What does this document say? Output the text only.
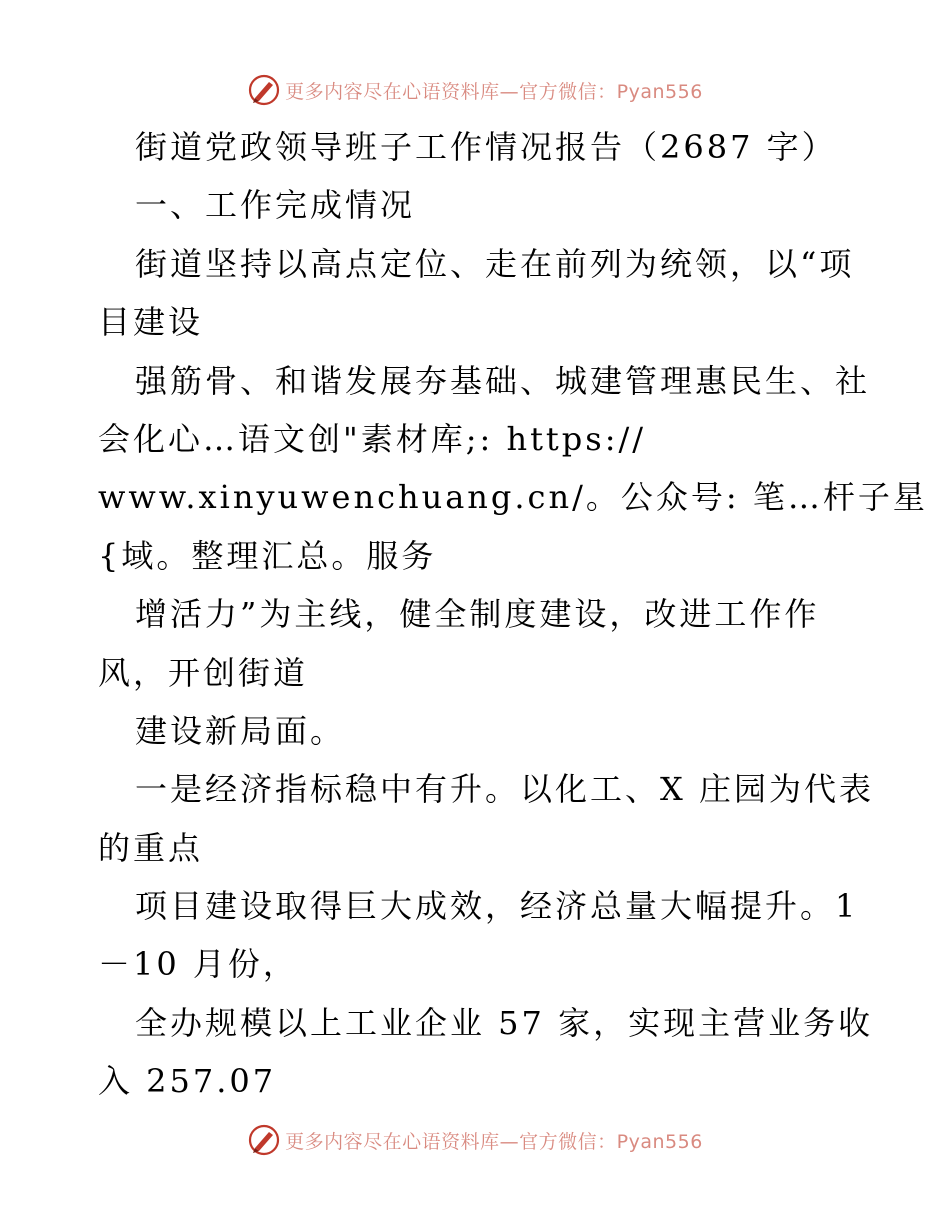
更多内容尽在心语资料库—官方微信：Pyan556
街道党政领导班子工作情况报告（2687 字）
一、工作完成情况
街道坚持以高点定位、走在前列为统领，以“项
目建设
强筋骨、和谐发展夯基础、城建管理惠民生、社
会化心…语文创"素材库;: https://
www.xinyuwenchuang.cn/。公众号: 笔…杆子星
{域。整理汇总。服务
增活力”为主线，健全制度建设，改进工作作
风，开创街道
建设新局面。
一是经济指标稳中有升。以化工、X 庄园为代表
的重点
项目建设取得巨大成效，经济总量大幅提升。1
－10 月份，
全办规模以上工业企业 57 家，实现主营业务收
入 257.07
更多内容尽在心语资料库—官方微信：Pyan556
